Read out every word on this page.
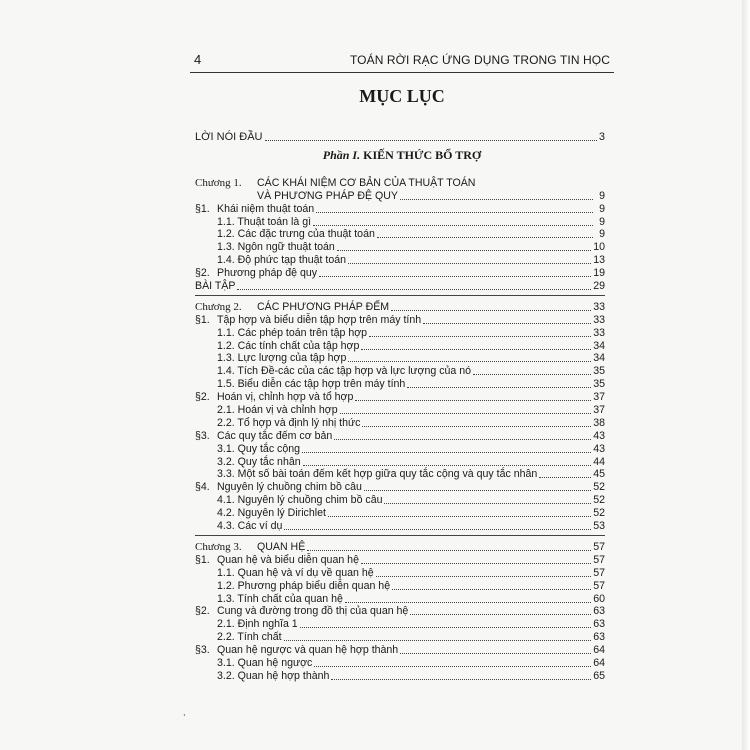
4	TOÁN RỜI RẠC ỨNG DỤNG TRONG TIN HỌC
MỤC LỤC
LỜI NÓI ĐẦU	3
Phần I. KIẾN THỨC BỔ TRỢ
Chương 1. CÁC KHÁI NIỆM CƠ BẢN CỦA THUẬT TOÁN
VÀ PHƯƠNG PHÁP ĐỆ QUY	9
§1. Khái niệm thuật toán	9
1.1. Thuật toán là gì	9
1.2. Các đặc trưng của thuật toán	9
1.3. Ngôn ngữ thuật toán	10
1.4. Độ phức tạp thuật toán	13
§2. Phương pháp đệ quy	19
BÀI TẬP	29
Chương 2. CÁC PHƯƠNG PHÁP ĐẾM	33
§1. Tập hợp và biểu diễn tập hợp trên máy tính	33
1.1. Các phép toán trên tập hợp	33
1.2. Các tính chất của tập hợp	34
1.3. Lực lượng của tập hợp	34
1.4. Tích Đề-các của các tập hợp và lực lượng của nó	35
1.5. Biểu diễn các tập hợp trên máy tính	35
§2. Hoán vị, chỉnh hợp và tổ hợp	37
2.1. Hoán vị và chỉnh hợp	37
2.2. Tổ hợp và định lý nhị thức	38
§3. Các quy tắc đếm cơ bản	43
3.1. Quy tắc cộng	43
3.2. Quy tắc nhân	44
3.3. Một số bài toán đếm kết hợp giữa quy tắc cộng và quy tắc nhân	45
§4. Nguyên lý chuồng chim bồ câu	52
4.1. Nguyên lý chuồng chim bồ câu	52
4.2. Nguyên lý Dirichlet	52
4.3. Các ví dụ	53
Chương 3. QUAN HỆ	57
§1. Quan hệ và biểu diễn quan hệ	57
1.1. Quan hệ và ví dụ về quan hệ	57
1.2. Phương pháp biểu diễn quan hệ	57
1.3. Tính chất của quan hệ	60
§2. Cung và đường trong đồ thị của quan hệ	63
2.1. Định nghĩa 1	63
2.2. Tính chất	63
§3. Quan hệ ngược và quan hệ hợp thành	64
3.1. Quan hệ ngược	64
3.2. Quan hệ hợp thành	65
,
